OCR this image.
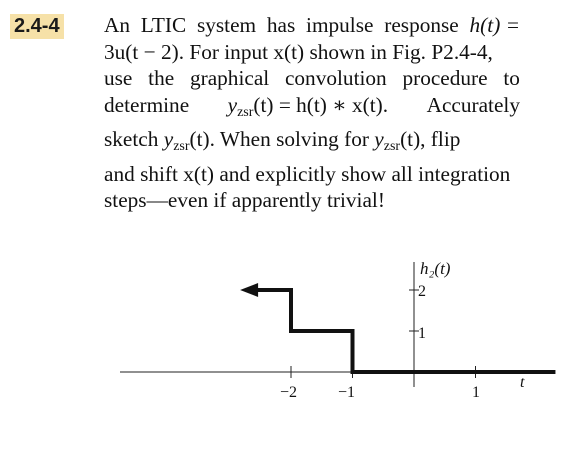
2.4-4 An LTIC system has impulse response h(t) =
3u(t − 2). For input x(t) shown in Fig. P2.4-4,
use the graphical convolution procedure to
determine $y_{zsr}(t) = h(t)$ ∗ x(t). Accurately
sketch $y_{zsr}(t)$. When solving for $y_{zsr}(t)$, flip
and shift x(t) and explicitly show all integration
steps—even if apparently trivial!
h₂(t)
t
−2	−1	1
2
1
